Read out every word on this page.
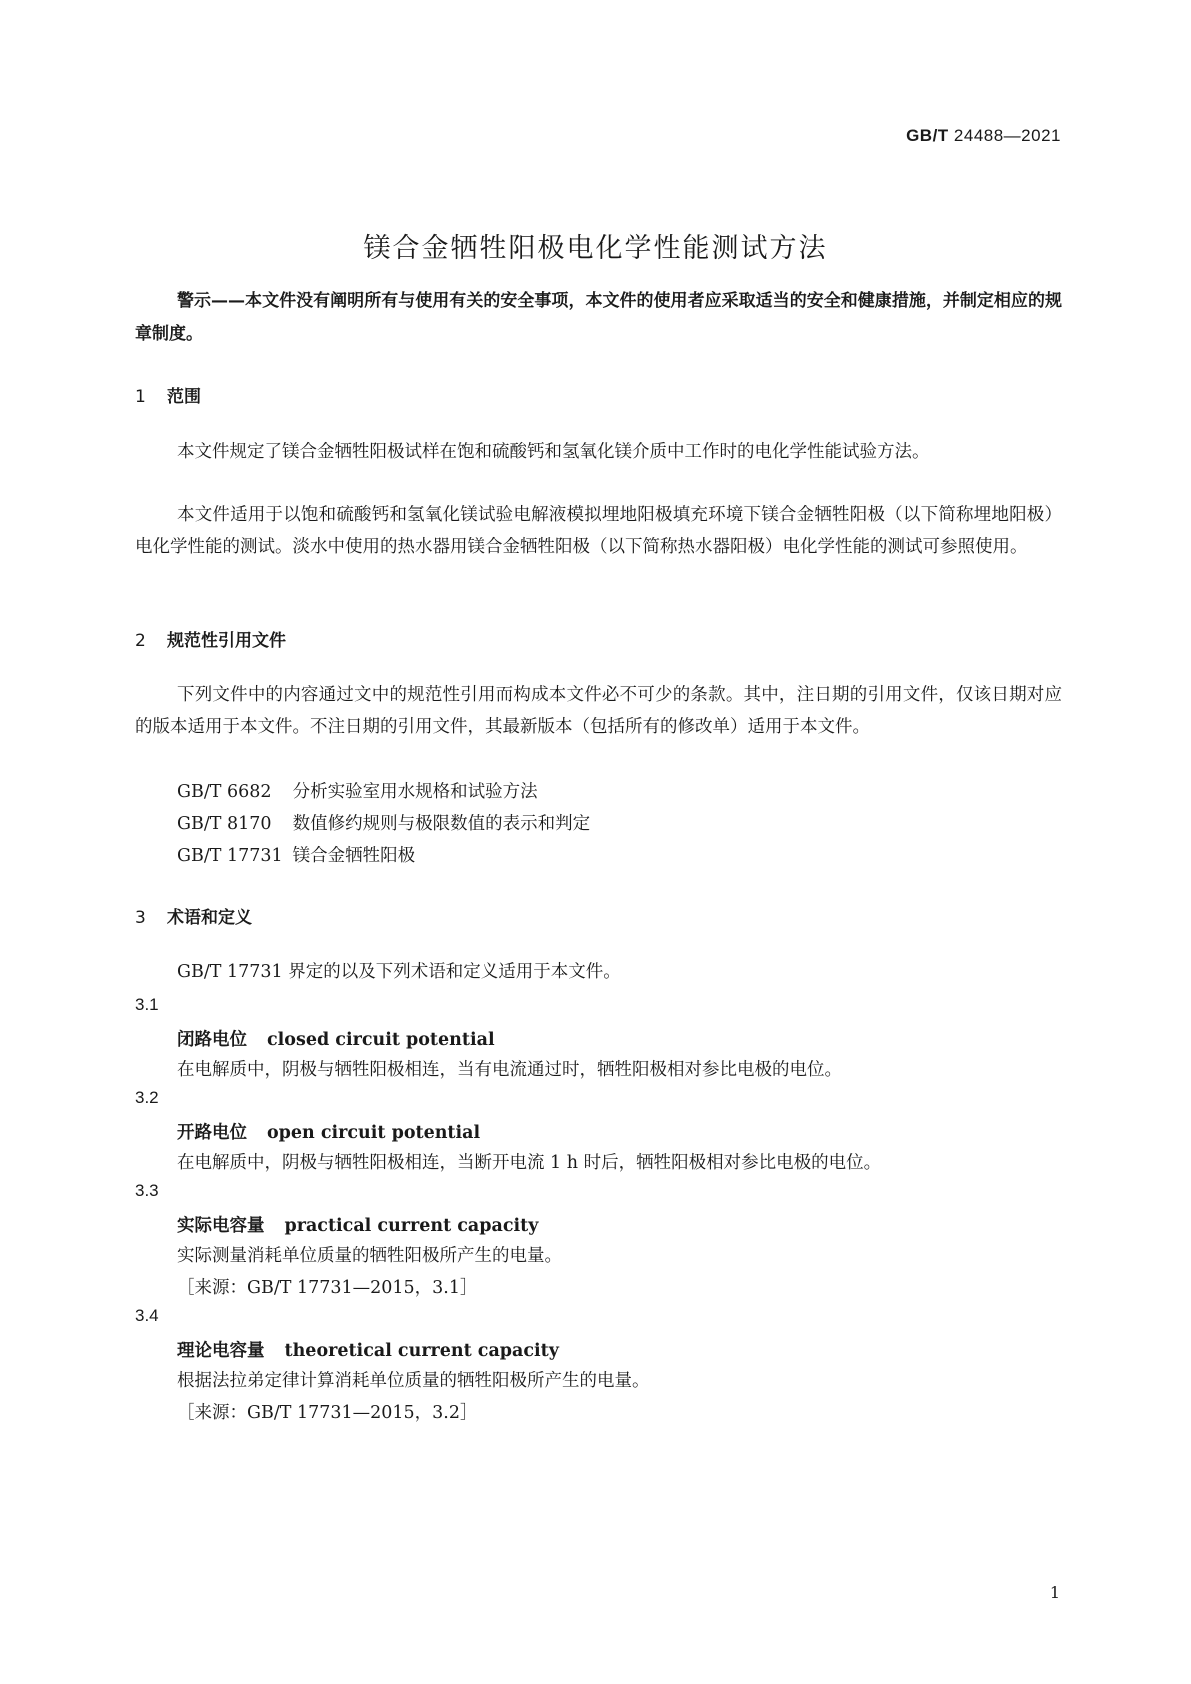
GB/T 24488—2021
镁合金牺牲阳极电化学性能测试方法
警示——本文件没有阐明所有与使用有关的安全事项，本文件的使用者应采取适当的安全和健康措施，并制定相应的规章制度。
1 范围
本文件规定了镁合金牺牲阳极试样在饱和硫酸钙和氢氧化镁介质中工作时的电化学性能试验方法。
本文件适用于以饱和硫酸钙和氢氧化镁试验电解液模拟埋地阳极填充环境下镁合金牺牲阳极（以下简称埋地阳极）电化学性能的测试。淡水中使用的热水器用镁合金牺牲阳极（以下简称热水器阳极）电化学性能的测试可参照使用。
2 规范性引用文件
下列文件中的内容通过文中的规范性引用而构成本文件必不可少的条款。其中，注日期的引用文件，仅该日期对应的版本适用于本文件。不注日期的引用文件，其最新版本（包括所有的修改单）适用于本文件。
GB/T 6682 分析实验室用水规格和试验方法
GB/T 8170 数值修约规则与极限数值的表示和判定
GB/T 17731 镁合金牺牲阳极
3 术语和定义
GB/T 17731 界定的以及下列术语和定义适用于本文件。
3.1
闭路电位 closed circuit potential
在电解质中，阴极与牺牲阳极相连，当有电流通过时，牺牲阳极相对参比电极的电位。
3.2
开路电位 open circuit potential
在电解质中，阴极与牺牲阳极相连，当断开电流 1 h 时后，牺牲阳极相对参比电极的电位。
3.3
实际电容量 practical current capacity
实际测量消耗单位质量的牺牲阳极所产生的电量。
［来源：GB/T 17731—2015，3.1］
3.4
理论电容量 theoretical current capacity
根据法拉弟定律计算消耗单位质量的牺牲阳极所产生的电量。
［来源：GB/T 17731—2015，3.2］
1
